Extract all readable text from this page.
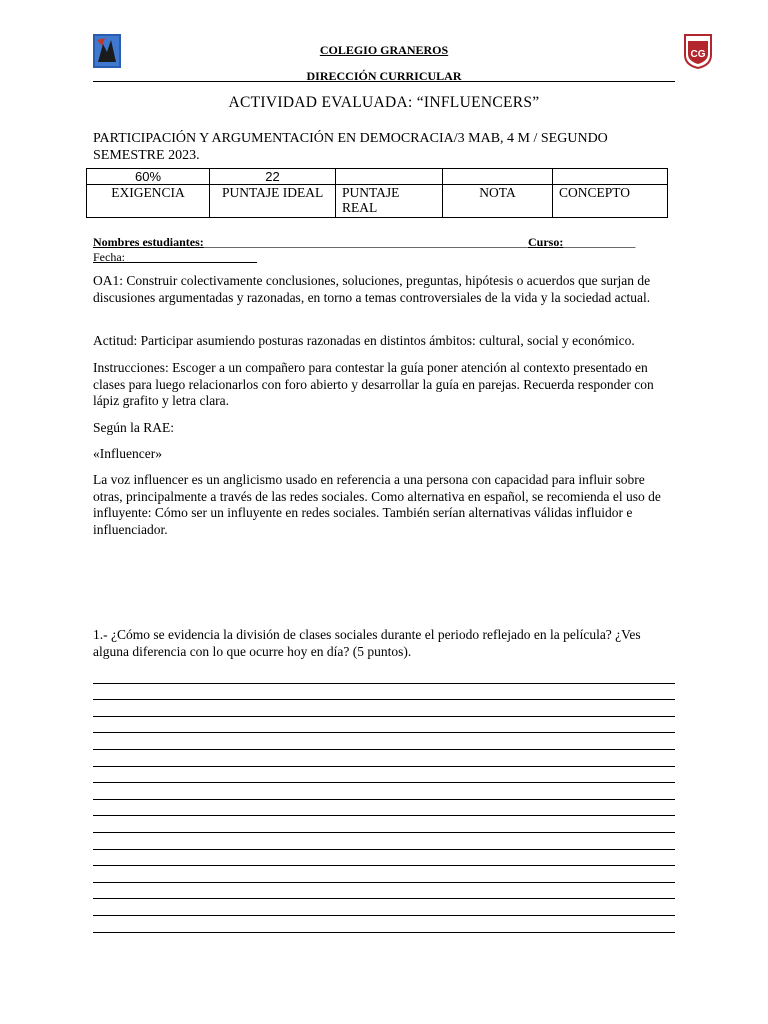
CG
COLEGIO GRANEROS
DIRECCIÓN CURRICULAR
ACTIVIDAD EVALUADA: “INFLUENCERS”
PARTICIPACIÓN Y ARGUMENTACIÓN EN DEMOCRACIA/3 MAB, 4 M / SEGUNDO SEMESTRE 2023.
60%	22			
EXIGENCIA	PUNTAJE IDEAL	PUNTAJE REAL	NOTA	CONCEPTO
Nombres estudiantes:______________________________________________________ Curso:____________
Fecha:______________________
OA1: Construir colectivamente conclusiones, soluciones, preguntas, hipótesis o acuerdos que surjan de discusiones argumentadas y razonadas, en torno a temas controversiales de la vida y la sociedad actual.
Actitud: Participar asumiendo posturas razonadas en distintos ámbitos: cultural, social y económico.
Instrucciones: Escoger a un compañero para contestar la guía poner atención al contexto presentado en clases para luego relacionarlos con foro abierto y desarrollar la guía en parejas. Recuerda responder con lápiz grafito y letra clara.
Según la RAE:
«Influencer»
La voz influencer es un anglicismo usado en referencia a una persona con capacidad para influir sobre otras, principalmente a través de las redes sociales. Como alternativa en español, se recomienda el uso de influyente: Cómo ser un influyente en redes sociales. También serían alternativas válidas influidor e influenciador.
1.- ¿Cómo se evidencia la división de clases sociales durante el periodo reflejado en la película? ¿Ves alguna diferencia con lo que ocurre hoy en día? (5 puntos).
